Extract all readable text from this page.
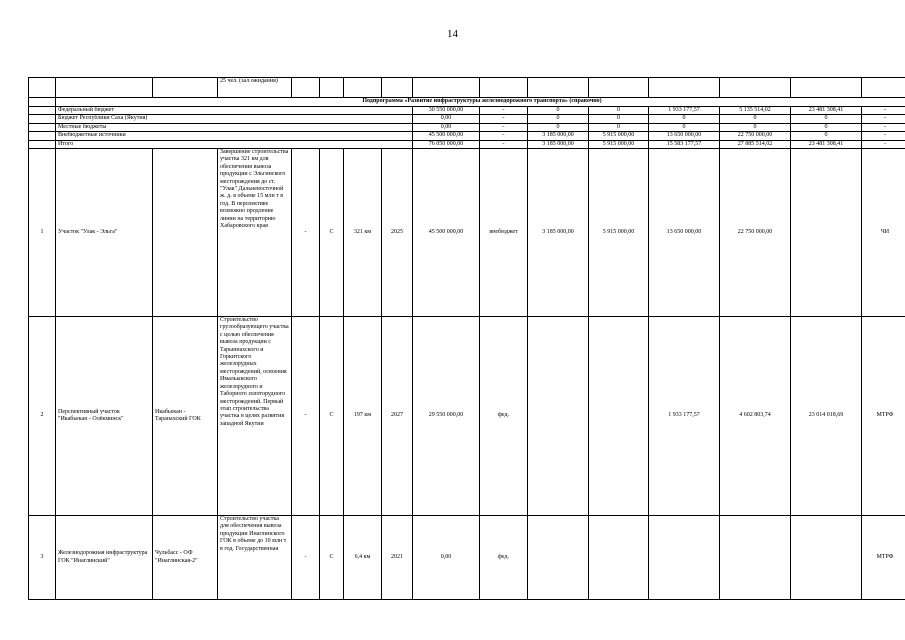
14
			25 чел. (зал ожидания)												
	Подпрограмма «Развитие инфраструктуры железнодорожного транспорта» (справочно)														
	Федеральный бюджет							30 550 000,00	-	0	0	1 933 177,57	5 135 514,02	23 481 308,41	-
	Бюджет Республики Саха (Якутия)							0,00	-	0	0	0	0	0	-
	Местные бюджеты							0,00	-	0	0	0	0	0	-
	Внебюджетные источники							45 500 000,00	-	3 185 000,00	5 915 000,00	13 650 000,00	22 750 000,00	0	-
	Итого							76 050 000,00	-	3 185 000,00	5 915 000,00	15 583 177,57	27 885 514,02	23 481 308,41	-
1	Участок "Улак - Эльга"		Завершение строительства участка 321 км для обеспечения вывоза продукции с Эльгинского месторождения до ст. "Улак" Дальневосточной ж. д. в объеме 15 млн т в год. В перспективе возможно продление линии на территорию Хабаровского края	-	С	321 км	2025	45 500 000,00	внебюджет	3 185 000,00	5 915 000,00	13 650 000,00	22 750 000,00		ЧИ
2	Перспективный участок "Икабьекан - Олёкминск"	Икабьекан - Таранахский ГОК	Строительство грузообразующего участка с целью обеспечения вывоза продукции с Тарыннахского и Горкитского железорудных месторождений, освоения Имальыкского железорудного и Таборного золоторудного месторождений. Первый этап строительства участка в целях развития западной Якутии	-	С	197 км	2027	29 550 000,00	фед.			1 933 177,57	4 602 803,74	23 014 018,69	МТРФ
3	Железнодорожная инфраструктура ГОК "Инаглинский"	Чульбасс - ОФ "Инаглинская-2"	Строительство участка для обеспечения вывоза продукции Инаглинского ГОК в объеме до 10 млн т в год. Государственная	-	С	6,4 км	2021	0,00	фед.						МТРФ
